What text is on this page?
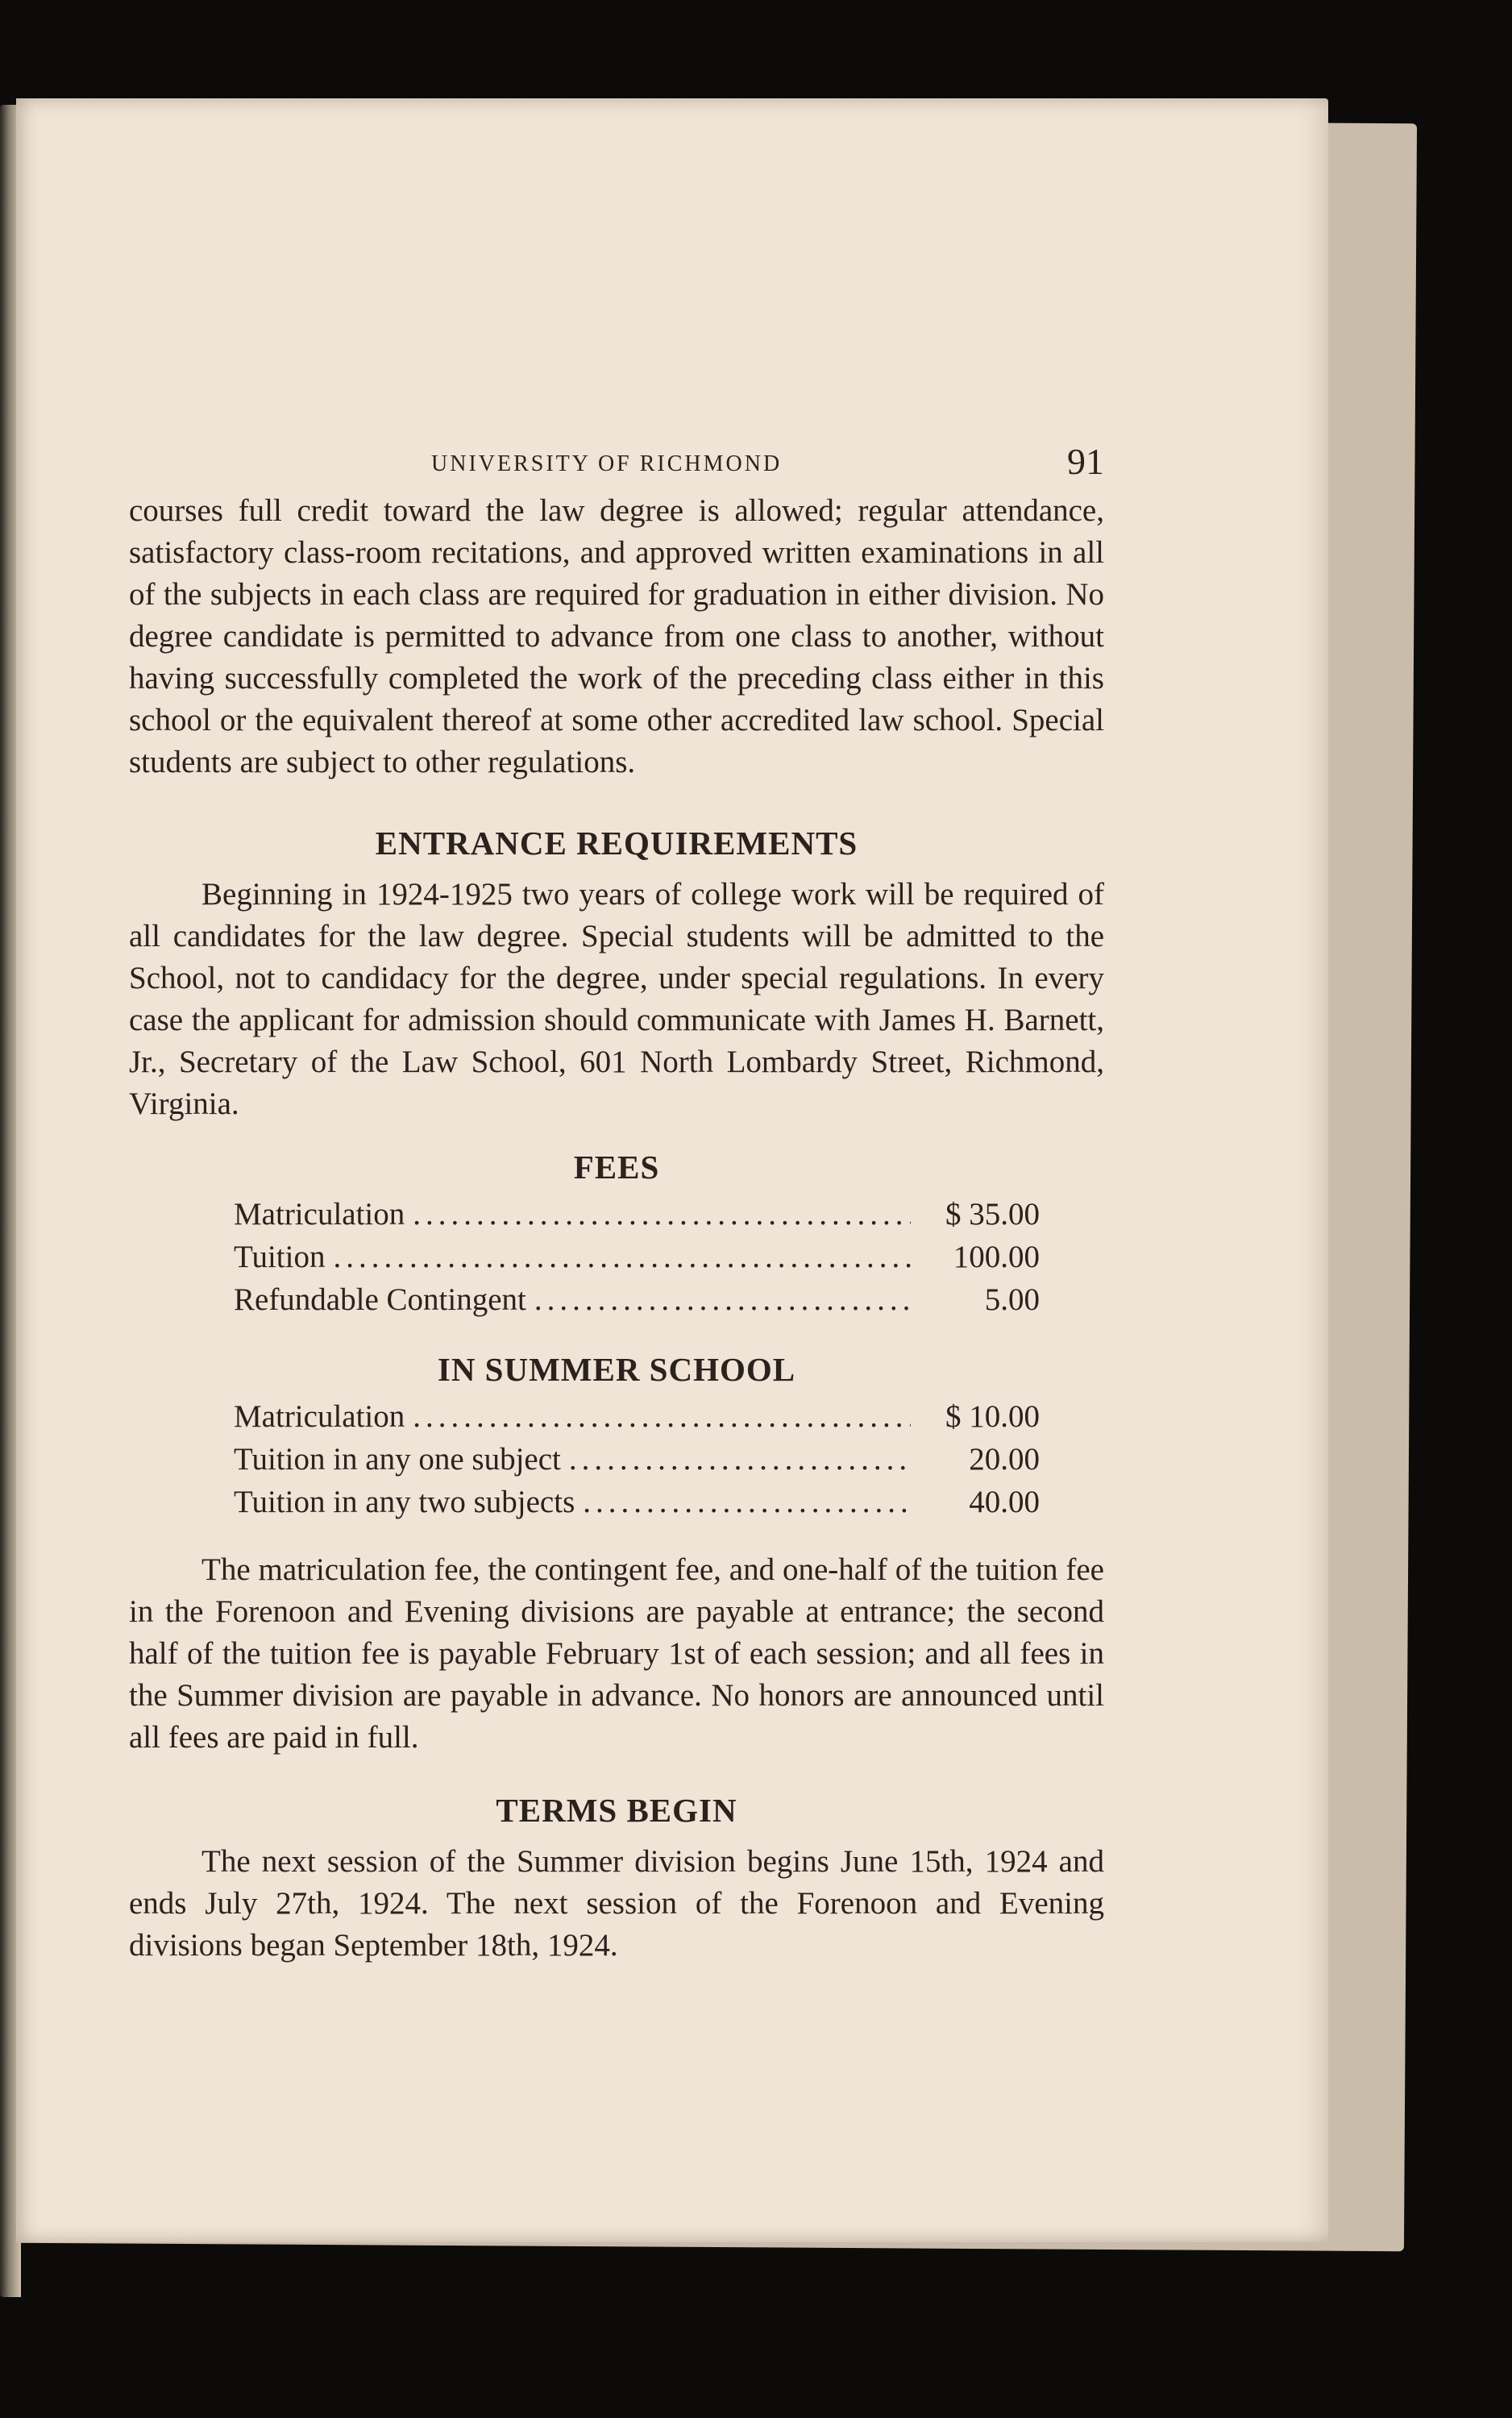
UNIVERSITY OF RICHMOND	91

courses full credit toward the law degree is allowed; regular attendance, satisfactory class-room recitations, and approved written examinations in all of the subjects in each class are required for graduation in either division. No degree candidate is permitted to advance from one class to another, without having successfully completed the work of the preceding class either in this school or the equivalent thereof at some other accredited law school. Special students are subject to other regulations.

ENTRANCE REQUIREMENTS

Beginning in 1924-1925 two years of college work will be required of all candidates for the law degree. Special students will be admitted to the School, not to candidacy for the degree, under special regulations. In every case the applicant for admission should communicate with James H. Barnett, Jr., Secretary of the Law School, 601 North Lombardy Street, Richmond, Virginia.

FEES
Matriculation .....	$ 35.00
Tuition .....	100.00
Refundable Contingent .....	5.00
IN SUMMER SCHOOL
Matriculation .....	$ 10.00
Tuition in any one subject .....	20.00
Tuition in any two subjects .....	40.00

The matriculation fee, the contingent fee, and one-half of the tuition fee in the Forenoon and Evening divisions are payable at entrance; the second half of the tuition fee is payable February 1st of each session; and all fees in the Summer division are payable in advance. No honors are announced until all fees are paid in full.

TERMS BEGIN

The next session of the Summer division begins June 15th, 1924 and ends July 27th, 1924. The next session of the Forenoon and Evening divisions began September 18th, 1924.
